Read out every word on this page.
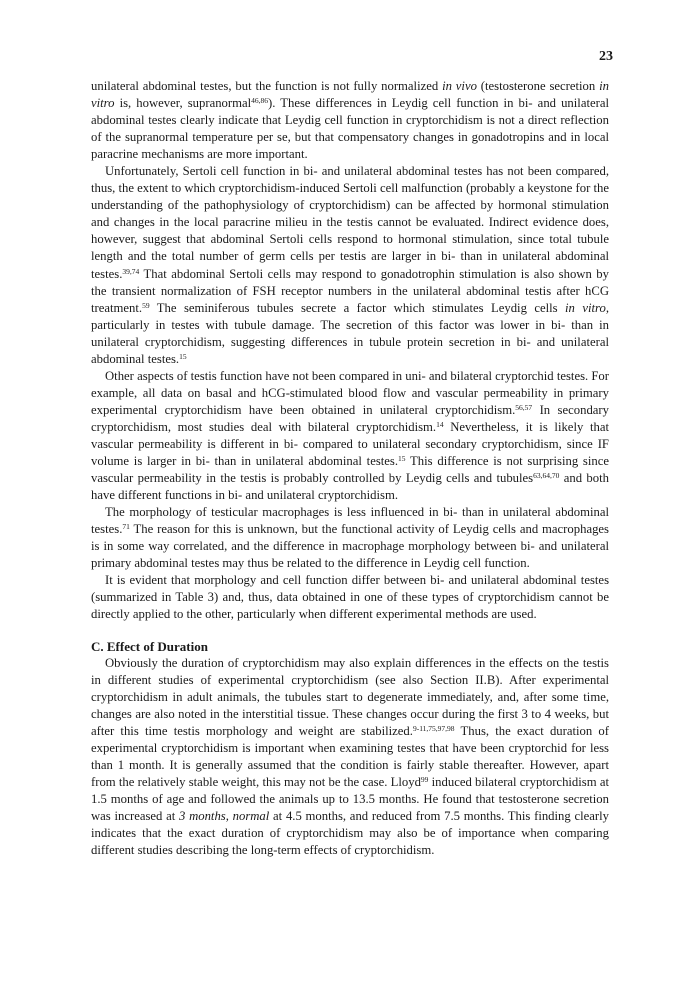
23

unilateral abdominal testes, but the function is not fully normalized in vivo (testosterone secretion in vitro is, however, supranormal$^{46,86}$). These differences in Leydig cell function in bi- and unilateral abdominal testes clearly indicate that Leydig cell function in cryptorchidism is not a direct reflection of the supranormal temperature per se, but that compensatory changes in gonadotropins and in local paracrine mechanisms are more important.

Unfortunately, Sertoli cell function in bi- and unilateral abdominal testes has not been compared, thus, the extent to which cryptorchidism-induced Sertoli cell malfunction (probably a keystone for the understanding of the pathophysiology of cryptorchidism) can be affected by hormonal stimulation and changes in the local paracrine milieu in the testis cannot be evaluated. Indirect evidence does, however, suggest that abdominal Sertoli cells respond to hormonal stimulation, since total tubule length and the total number of germ cells per testis are larger in bi- than in unilateral abdominal testes.$^{39,74}$ That abdominal Sertoli cells may respond to gonadotrophin stimulation is also shown by the transient normalization of FSH receptor numbers in the unilateral abdominal testis after hCG treatment.$^{59}$ The seminiferous tubules secrete a factor which stimulates Leydig cells in vitro, particularly in testes with tubule damage. The secretion of this factor was lower in bi- than in unilateral cryptorchidism, suggesting differences in tubule protein secretion in bi- and unilateral abdominal testes.$^{15}$

Other aspects of testis function have not been compared in uni- and bilateral cryptorchid testes. For example, all data on basal and hCG-stimulated blood flow and vascular permeability in primary experimental cryptorchidism have been obtained in unilateral cryptorchidism.$^{56,57}$ In secondary cryptorchidism, most studies deal with bilateral cryptorchidism.$^{14}$ Nevertheless, it is likely that vascular permeability is different in bi- compared to unilateral secondary cryptorchidism, since IF volume is larger in bi- than in unilateral abdominal testes.$^{15}$ This difference is not surprising since vascular permeability in the testis is probably controlled by Leydig cells and tubules$^{63,64,70}$ and both have different functions in bi- and unilateral cryptorchidism.

The morphology of testicular macrophages is less influenced in bi- than in unilateral abdominal testes.$^{71}$ The reason for this is unknown, but the functional activity of Leydig cells and macrophages is in some way correlated, and the difference in macrophage morphology between bi- and unilateral primary abdominal testes may thus be related to the difference in Leydig cell function.

It is evident that morphology and cell function differ between bi- and unilateral abdominal testes (summarized in Table 3) and, thus, data obtained in one of these types of cryptorchidism cannot be directly applied to the other, particularly when different experimental methods are used.

C. Effect of Duration

Obviously the duration of cryptorchidism may also explain differences in the effects on the testis in different studies of experimental cryptorchidism (see also Section II.B). After experimental cryptorchidism in adult animals, the tubules start to degenerate immediately, and, after some time, changes are also noted in the interstitial tissue. These changes occur during the first 3 to 4 weeks, but after this time testis morphology and weight are stabilized.$^{9-11,75,97,98}$ Thus, the exact duration of experimental cryptorchidism is important when examining testes that have been cryptorchid for less than 1 month. It is generally assumed that the condition is fairly stable thereafter. However, apart from the relatively stable weight, this may not be the case. Lloyd$^{99}$ induced bilateral cryptorchidism at 1.5 months of age and followed the animals up to 13.5 months. He found that testosterone secretion was increased at 3 months, normal at 4.5 months, and reduced from 7.5 months. This finding clearly indicates that the exact duration of cryptorchidism may also be of importance when comparing different studies describing the long-term effects of cryptorchidism.
